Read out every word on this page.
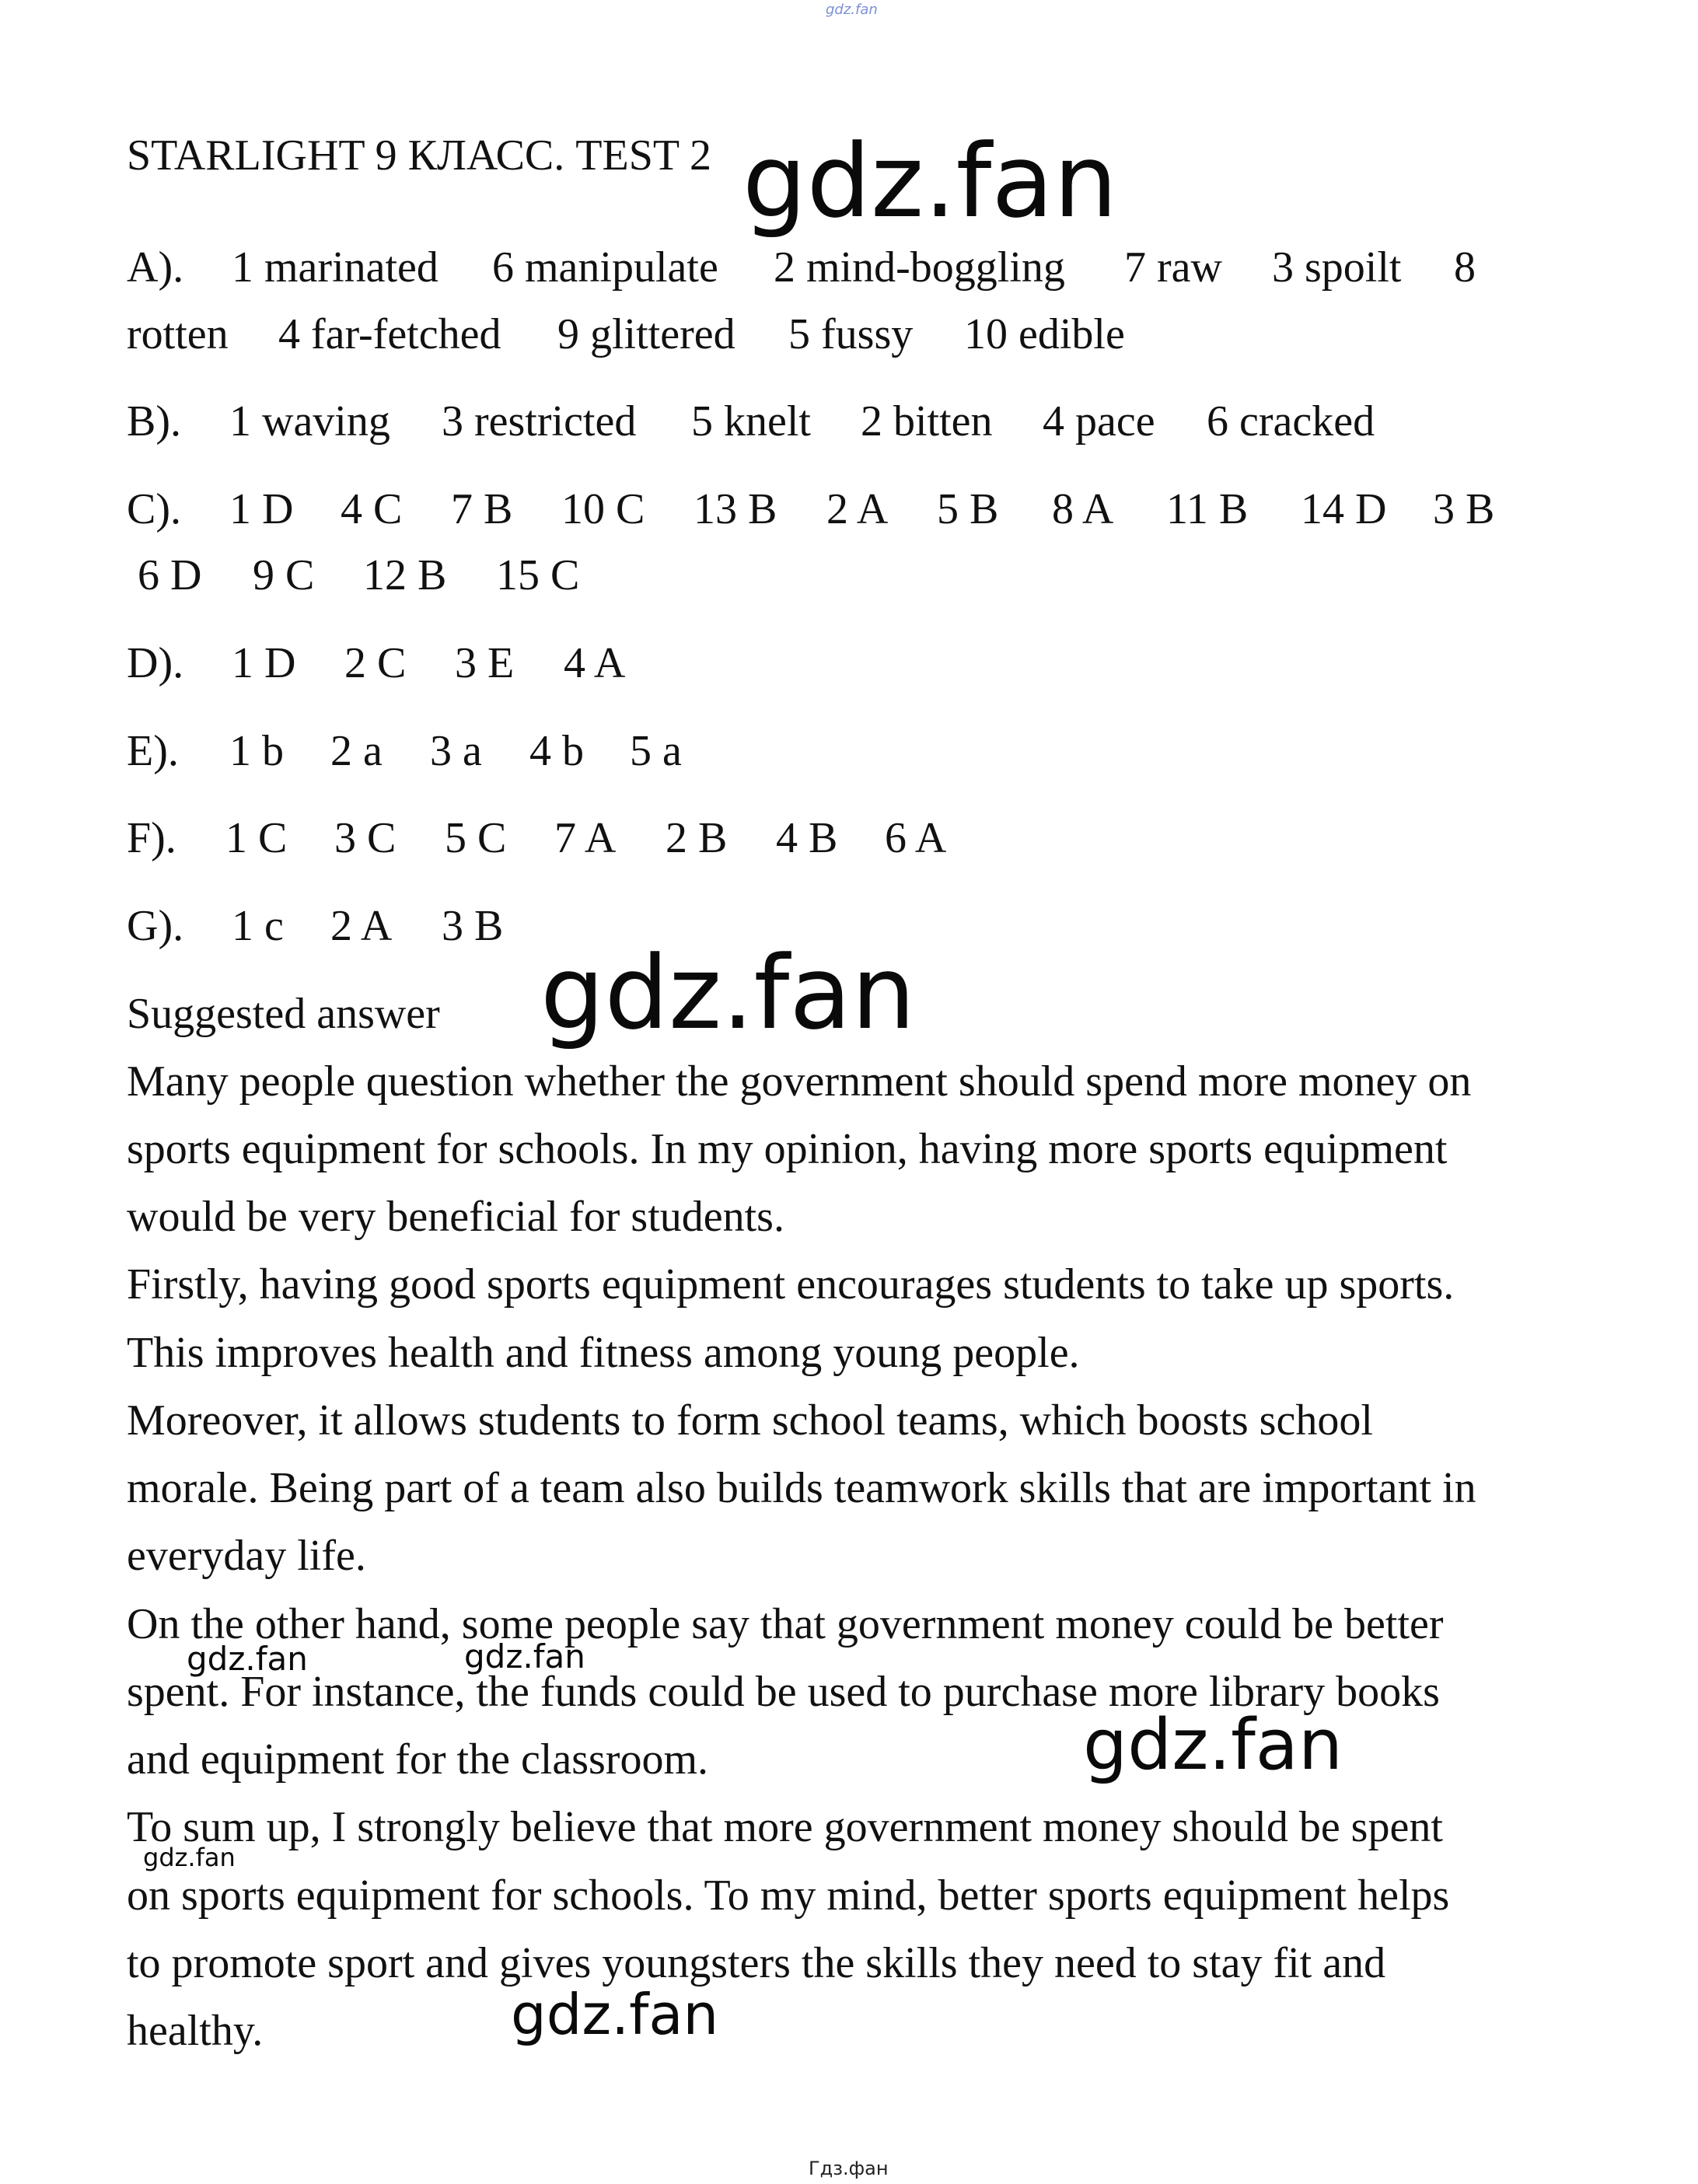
gdz.fan
STARLIGHT 9 КЛАСС. TEST 2
A). 1 marinated 6 manipulate 2 mind-boggling 7 raw 3 spoilt 8
rotten 4 far-fetched 9 glittered 5 fussy 10 edible
B). 1 waving 3 restricted 5 knelt 2 bitten 4 pace 6 cracked
C). 1 D 4 C 7 B 10 C 13 B 2 A 5 B 8 A 11 B 14 D 3 B
6 D 9 C 12 B 15 C
D). 1 D 2 C 3 E 4 A
E). 1 b 2 a 3 a 4 b 5 a
F). 1 C 3 C 5 C 7 A 2 B 4 B 6 A
G). 1 c 2 A 3 B
Suggested answer
Many people question whether the government should spend more money on
sports equipment for schools. In my opinion, having more sports equipment
would be very beneficial for students.
Firstly, having good sports equipment encourages students to take up sports.
This improves health and fitness among young people.
Moreover, it allows students to form school teams, which boosts school
morale. Being part of a team also builds teamwork skills that are important in
everyday life.
On the other hand, some people say that government money could be better
spent. For instance, the funds could be used to purchase more library books
and equipment for the classroom.
To sum up, I strongly believe that more government money should be spent
on sports equipment for schools. To my mind, better sports equipment helps
to promote sport and gives youngsters the skills they need to stay fit and
healthy.
gdz.fan
gdz.fan
gdz.fan	gdz.fan
gdz.fan
gdz.fan
gdz.fan
Гдз.фан
